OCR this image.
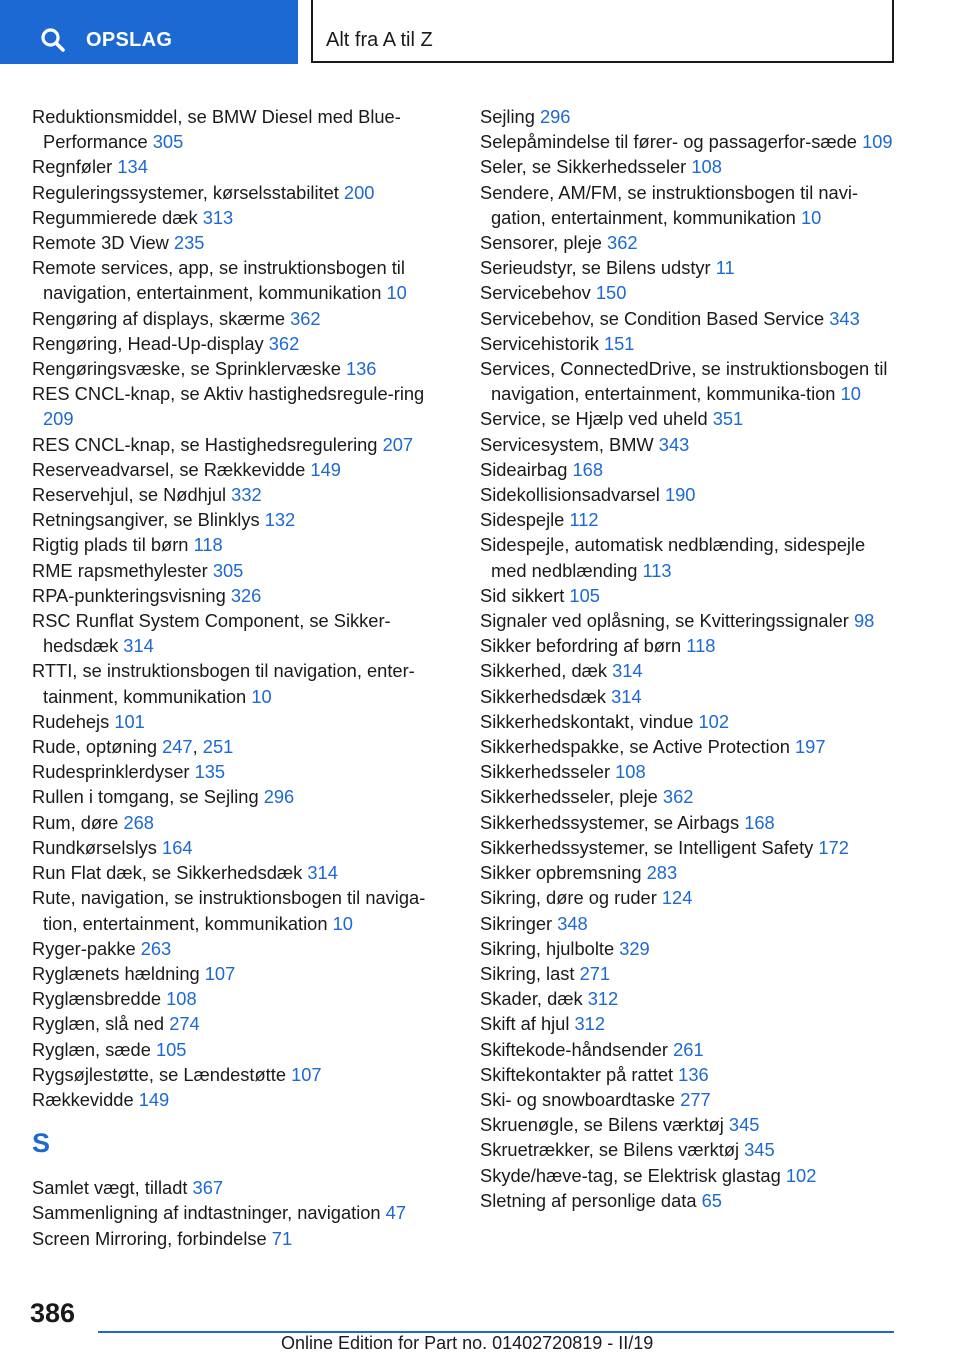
OPSLAG	Alt fra A til Z
Reduktionsmiddel, se BMW Diesel med Blue-Performance 305
Regnføler 134
Reguleringssystemer, kørselsstabilitet 200
Regummierede dæk 313
Remote 3D View 235
Remote services, app, se instruktionsbogen til navigation, entertainment, kommunikation 10
Rengøring af displays, skærme 362
Rengøring, Head-Up-display 362
Rengøringsvæske, se Sprinklervæske 136
RES CNCL-knap, se Aktiv hastighedsregule-ring 209
RES CNCL-knap, se Hastighedsregulering 207
Reserveadvarsel, se Rækkevidde 149
Reservehjul, se Nødhjul 332
Retningsangiver, se Blinklys 132
Rigtig plads til børn 118
RME rapsmethylester 305
RPA-punkteringsvisning 326
RSC Runflat System Component, se Sikker-hedsdæk 314
RTTI, se instruktionsbogen til navigation, enter-tainment, kommunikation 10
Rudehejs 101
Rude, optøning 247, 251
Rudesprinklerdyser 135
Rullen i tomgang, se Sejling 296
Rum, døre 268
Rundkørselslys 164
Run Flat dæk, se Sikkerhedsdæk 314
Rute, navigation, se instruktionsbogen til naviga-tion, entertainment, kommunikation 10
Ryger-pakke 263
Ryglænets hældning 107
Ryglænsbredde 108
Ryglæn, slå ned 274
Ryglæn, sæde 105
Rygsøjlestøtte, se Lændestøtte 107
Rækkevidde 149
S
Samlet vægt, tilladt 367
Sammenligning af indtastninger, navigation 47
Screen Mirroring, forbindelse 71
Sejling 296
Selepåmindelse til fører- og passagerfor-sæde 109
Seler, se Sikkerhedsseler 108
Sendere, AM/FM, se instruktionsbogen til navi-gation, entertainment, kommunikation 10
Sensorer, pleje 362
Serieudstyr, se Bilens udstyr 11
Servicebehov 150
Servicebehov, se Condition Based Service 343
Servicehistorik 151
Services, ConnectedDrive, se instruktionsbogen til navigation, entertainment, kommunika-tion 10
Service, se Hjælp ved uheld 351
Servicesystem, BMW 343
Sideairbag 168
Sidekollisionsadvarsel 190
Sidespejle 112
Sidespejle, automatisk nedblænding, sidespejle med nedblænding 113
Sid sikkert 105
Signaler ved oplåsning, se Kvitteringssignaler 98
Sikker befordring af børn 118
Sikkerhed, dæk 314
Sikkerhedsdæk 314
Sikkerhedskontakt, vindue 102
Sikkerhedspakke, se Active Protection 197
Sikkerhedsseler 108
Sikkerhedsseler, pleje 362
Sikkerhedssystemer, se Airbags 168
Sikkerhedssystemer, se Intelligent Safety 172
Sikker opbremsning 283
Sikring, døre og ruder 124
Sikringer 348
Sikring, hjulbolte 329
Sikring, last 271
Skader, dæk 312
Skift af hjul 312
Skiftekode-håndsender 261
Skiftekontakter på rattet 136
Ski- og snowboardtaske 277
Skruenøgle, se Bilens værktøj 345
Skruetrækker, se Bilens værktøj 345
Skyde/hæve-tag, se Elektrisk glastag 102
Sletning af personlige data 65
386
Online Edition for Part no. 01402720819 - II/19
